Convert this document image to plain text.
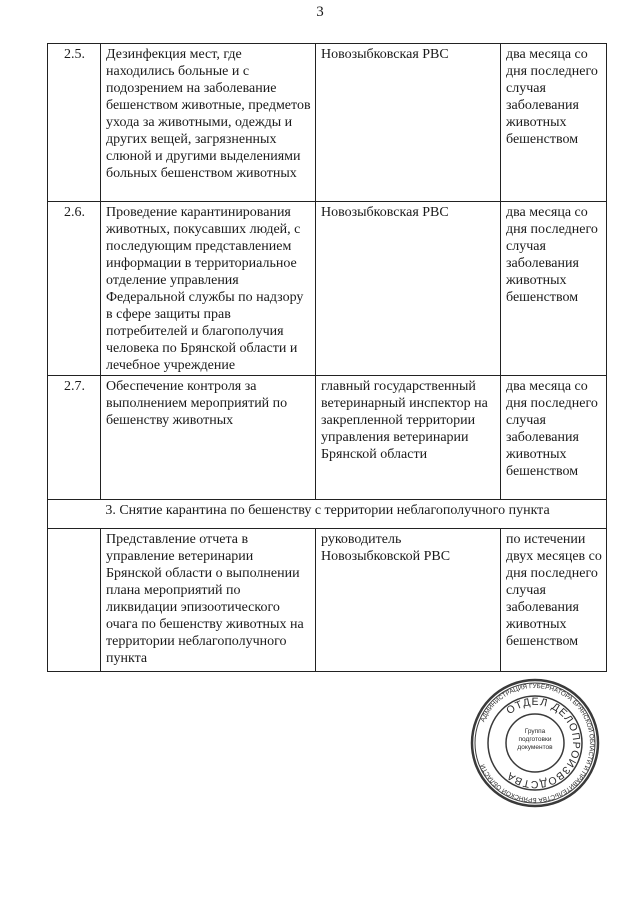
3
2.5.	Дезинфекция мест, где находились больные и с подозрением на заболевание бешенством животные, предметов ухода за животными, одежды и других вещей, загрязненных слюной и другими выделениями больных бешенством животных	Новозыбковская РВС	два месяца со дня последнего случая заболевания животных бешенством
2.6.	Проведение карантинирования животных, покусавших людей, с последующим представлением информации в территориальное отделение управления Федеральной службы по надзору в сфере защиты прав потребителей и благополучия человека по Брянской области и лечебное учреждение	Новозыбковская РВС	два месяца со дня последнего случая заболевания животных бешенством
2.7.	Обеспечение контроля за выполнением мероприятий по бешенству животных	главный государственный ветеринарный инспектор на закрепленной территории управления ветеринарии Брянской области	два месяца со дня последнего случая заболевания животных бешенством
3. Снятие карантина по бешенству с территории неблагополучного пункта			
	Представление отчета в управление ветеринарии Брянской области о выполнении плана мероприятий по ликвидации эпизоотического очага по бешенству животных на территории неблагополучного пункта	руководитель Новозыбковской РВС	по истечении двух месяцев со дня последнего случая заболевания животных бешенством
АДМИНИСТРАЦИЯ ГУБЕРНАТОРА БРЯНСКОЙ ОБЛАСТИ И ПРАВИТЕЛЬСТВА БРЯНСКОЙ ОБЛАСТИ
ОТДЕЛ ДЕЛОПРОИЗВОДСТВА
Группа подготовки документов
